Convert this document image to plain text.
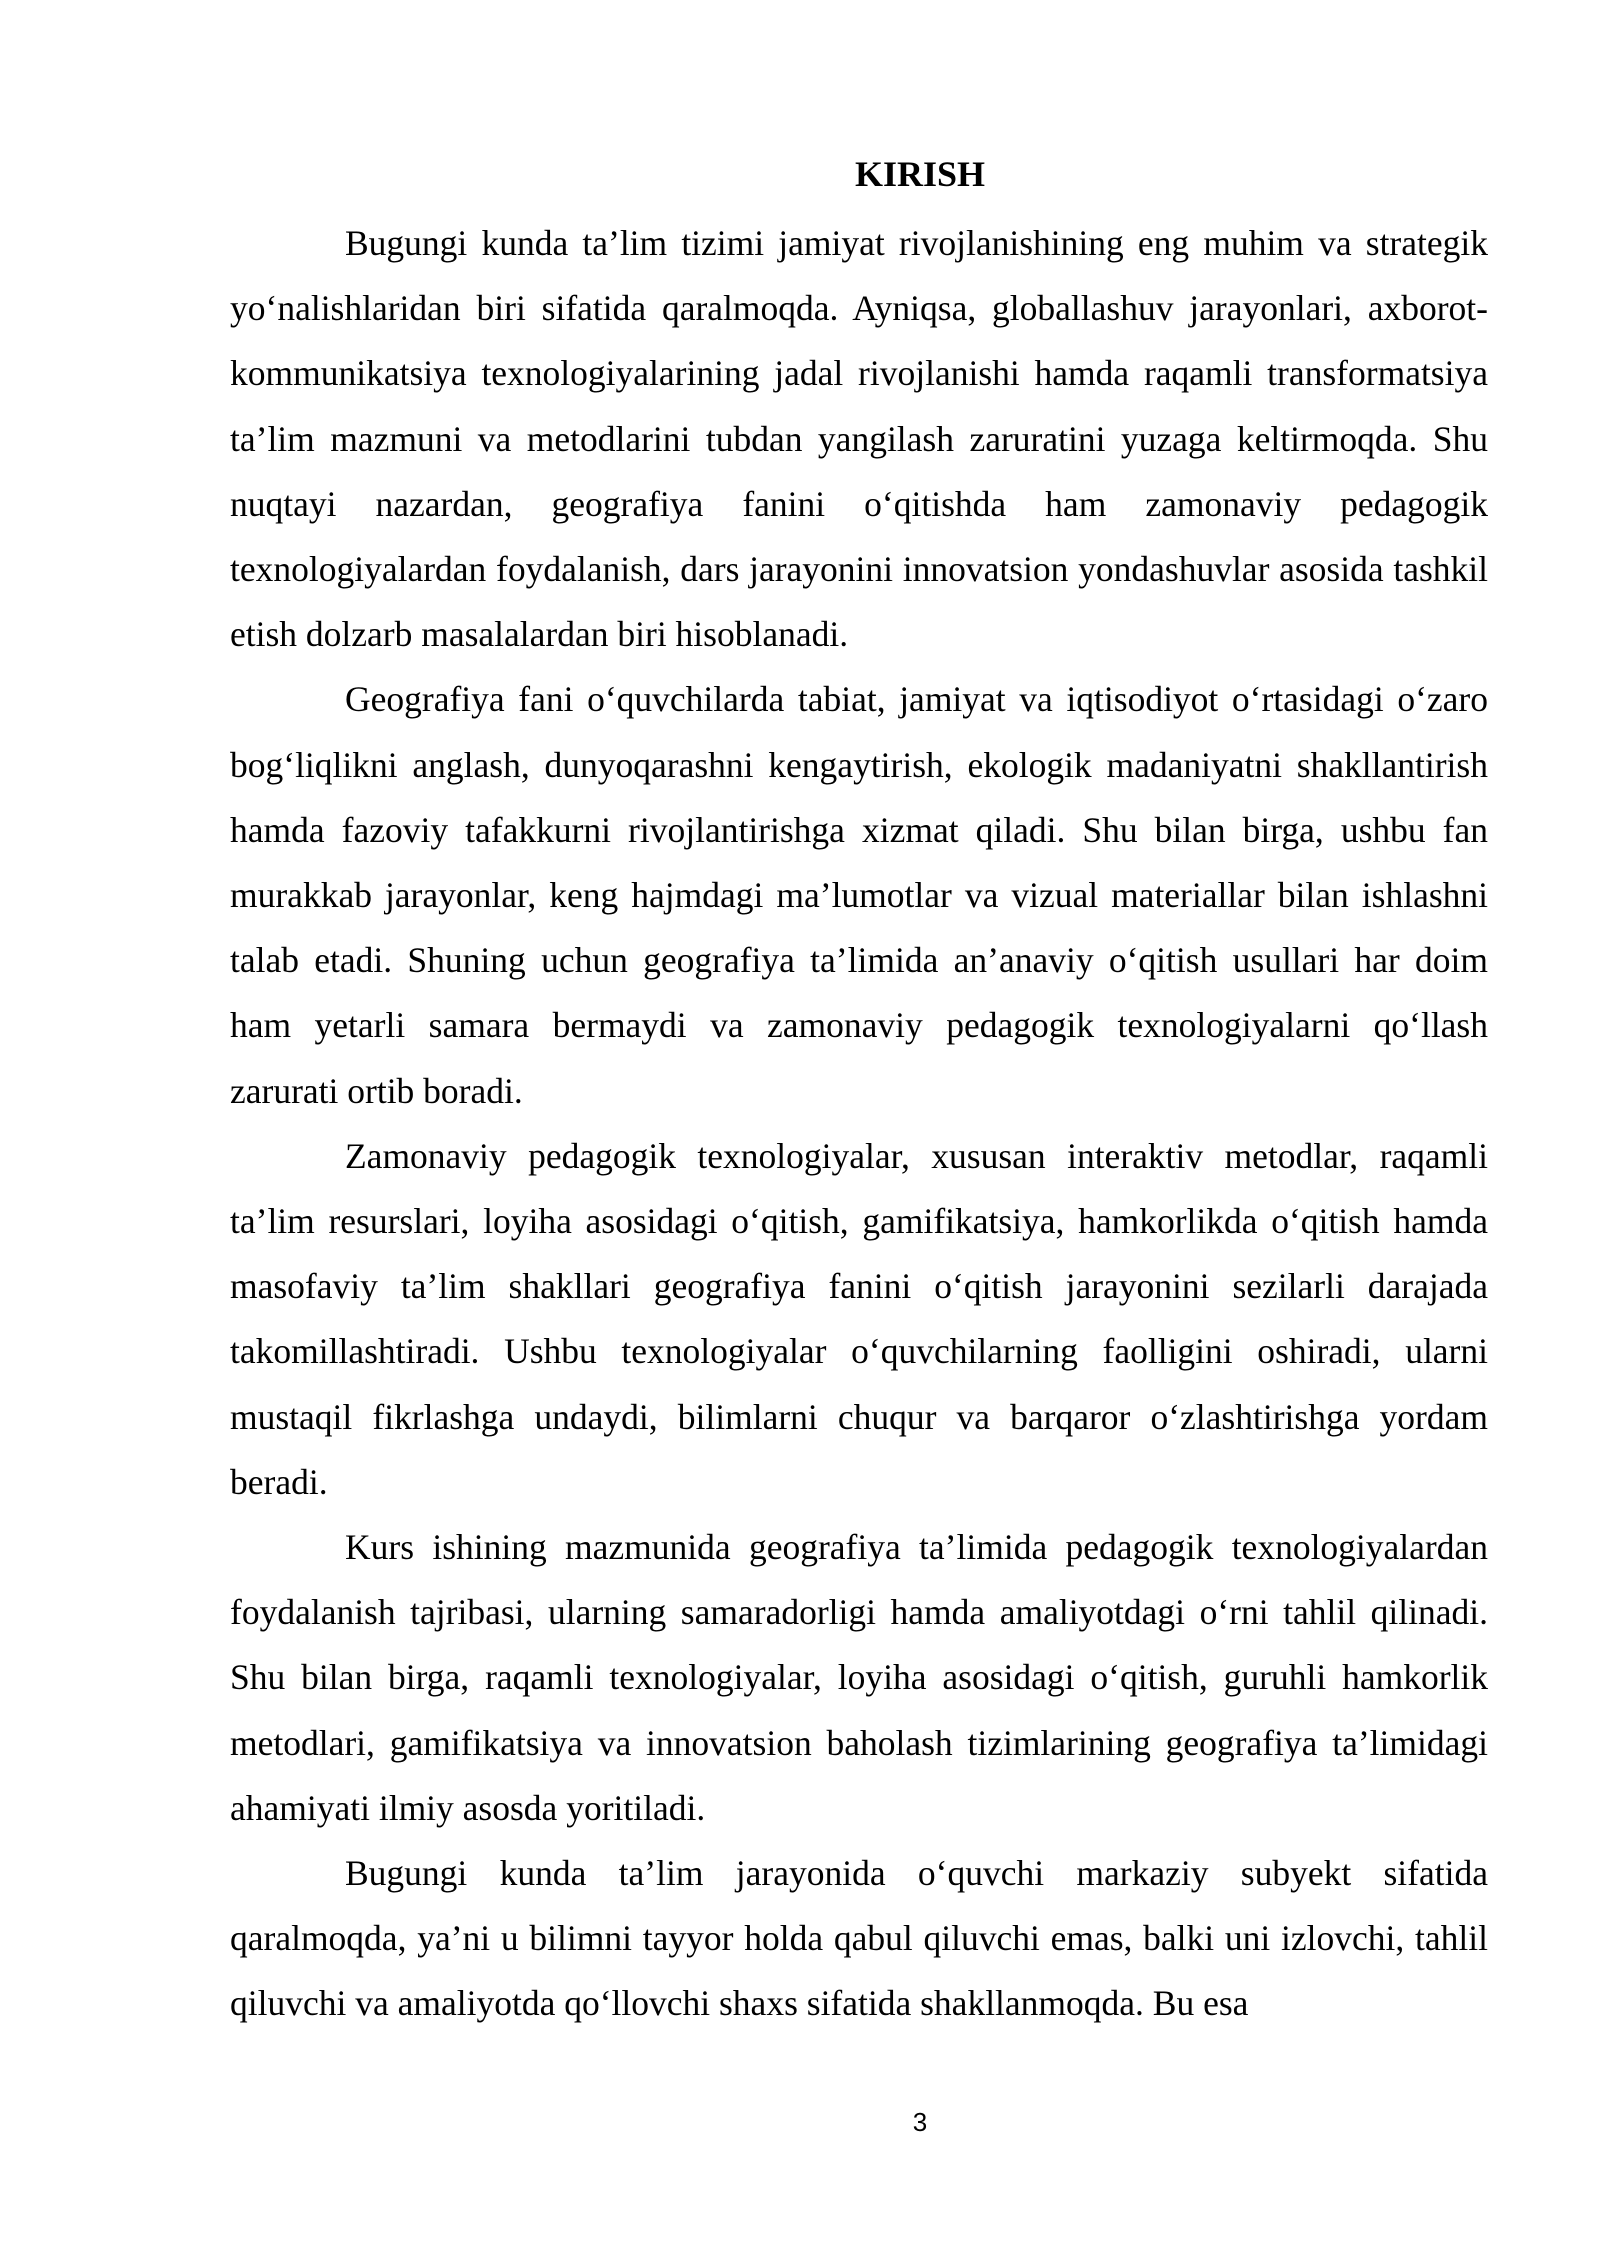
KIRISH

Bugungi kunda ta’lim tizimi jamiyat rivojlanishining eng muhim va strategik yo‘nalishlaridan biri sifatida qaralmoqda. Ayniqsa, globallashuv jarayonlari, axborot-kommunikatsiya texnologiyalarining jadal rivojlanishi hamda raqamli transformatsiya ta’lim mazmuni va metodlarini tubdan yangilash zaruratini yuzaga keltirmoqda. Shu nuqtayi nazardan, geografiya fanini o‘qitishda ham zamonaviy pedagogik texnologiyalardan foydalanish, dars jarayonini innovatsion yondashuvlar asosida tashkil etish dolzarb masalalardan biri hisoblanadi.

Geografiya fani o‘quvchilarda tabiat, jamiyat va iqtisodiyot o‘rtasidagi o‘zaro bog‘liqlikni anglash, dunyoqarashni kengaytirish, ekologik madaniyatni shakllantirish hamda fazoviy tafakkurni rivojlantirishga xizmat qiladi. Shu bilan birga, ushbu fan murakkab jarayonlar, keng hajmdagi ma’lumotlar va vizual materiallar bilan ishlashni talab etadi. Shuning uchun geografiya ta’limida an’anaviy o‘qitish usullari har doim ham yetarli samara bermaydi va zamonaviy pedagogik texnologiyalarni qo‘llash zarurati ortib boradi.

Zamonaviy pedagogik texnologiyalar, xususan interaktiv metodlar, raqamli ta’lim resurslari, loyiha asosidagi o‘qitish, gamifikatsiya, hamkorlikda o‘qitish hamda masofaviy ta’lim shakllari geografiya fanini o‘qitish jarayonini sezilarli darajada takomillashtiradi. Ushbu texnologiyalar o‘quvchilarning faolligini oshiradi, ularni mustaqil fikrlashga undaydi, bilimlarni chuqur va barqaror o‘zlashtirishga yordam beradi.

Kurs ishining mazmunida geografiya ta’limida pedagogik texnologiyalardan foydalanish tajribasi, ularning samaradorligi hamda amaliyotdagi o‘rni tahlil qilinadi. Shu bilan birga, raqamli texnologiyalar, loyiha asosidagi o‘qitish, guruhli hamkorlik metodlari, gamifikatsiya va innovatsion baholash tizimlarining geografiya ta’limidagi ahamiyati ilmiy asosda yoritiladi.

Bugungi kunda ta’lim jarayonida o‘quvchi markaziy subyekt sifatida qaralmoqda, ya’ni u bilimni tayyor holda qabul qiluvchi emas, balki uni izlovchi, tahlil qiluvchi va amaliyotda qo‘llovchi shaxs sifatida shakllanmoqda. Bu esa

3
